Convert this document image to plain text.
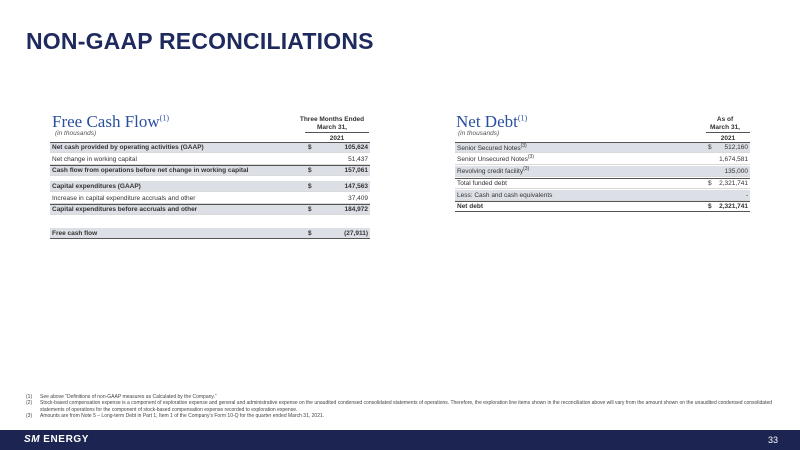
NON-GAAP RECONCILIATIONS
Free Cash Flow$^{(1)}$
(in thousands)
Three Months Ended
March 31,
2021
Net cash provided by operating activities (GAAP)	$	105,624
Net change in working capital	51,437
Cash flow from operations before net change in working capital	$	157,061
Capital expenditures (GAAP)	$	147,563
Increase in capital expenditure accruals and other	37,409
Capital expenditures before accruals and other	$	184,972
Free cash flow	$	(27,911)
Net Debt$^{(1)}$
(in thousands)
As of
March 31,
2021
Senior Secured Notes$^{(3)}$	$ 512,160
Senior Unsecured Notes$^{(3)}$	1,674,581
Revolving credit facility$^{(3)}$	135,000
Total funded debt	$ 2,321,741
Less: Cash and cash equivalents	-
Net debt	$ 2,321,741
(1)	See above “Definitions of non-GAAP measures as Calculated by the Company.”
(2)	Stock-based compensation expense is a component of exploration expense and general and administrative expense on the unaudited condensed consolidated statements of operations. Therefore, the exploration line items shown in the reconciliation above will vary from the amount shown on the unaudited condensed consolidated statements of operations for the component of stock-based compensation expense recorded to exploration expense.
(3)	Amounts are from Note 5 – Long-term Debt in Part 1, Item 1 of the Company's Form 10-Q for the quarter ended March 31, 2021.
SM ENERGY	33
